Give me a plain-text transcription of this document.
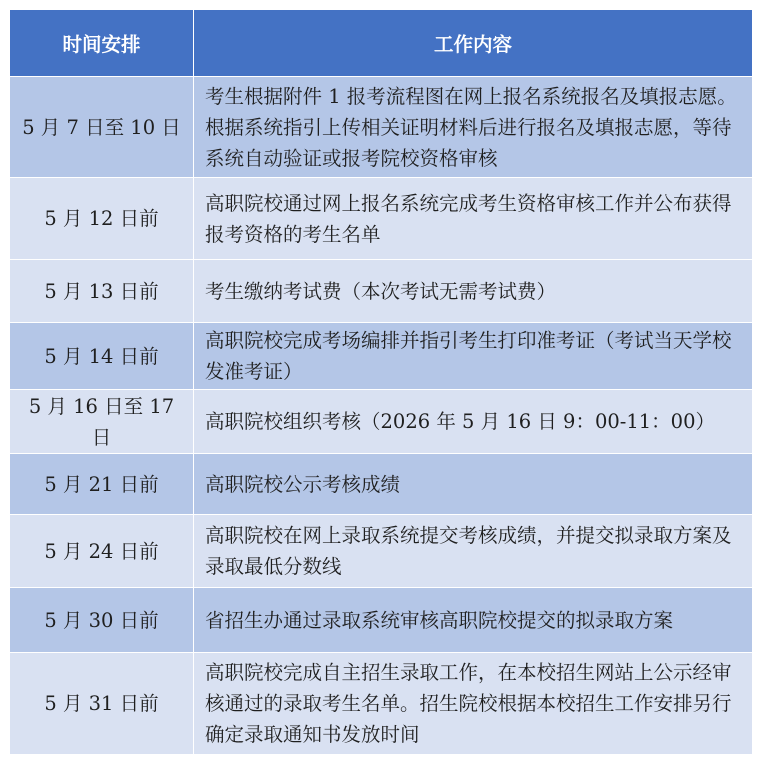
时间安排	工作内容
5 月 7 日至 10 日	考生根据附件 1 报考流程图在网上报名系统报名及填报志愿。根据系统指引上传相关证明材料后进行报名及填报志愿，等待系统自动验证或报考院校资格审核
5 月 12 日前	高职院校通过网上报名系统完成考生资格审核工作并公布获得报考资格的考生名单
5 月 13 日前	考生缴纳考试费（本次考试无需考试费）
5 月 14 日前	高职院校完成考场编排并指引考生打印准考证（考试当天学校发准考证）
5 月 16 日至 17 日	高职院校组织考核（2026 年 5 月 16 日 9：00-11：00）
5 月 21 日前	高职院校公示考核成绩
5 月 24 日前	高职院校在网上录取系统提交考核成绩，并提交拟录取方案及录取最低分数线
5 月 30 日前	省招生办通过录取系统审核高职院校提交的拟录取方案
5 月 31 日前	高职院校完成自主招生录取工作，在本校招生网站上公示经审核通过的录取考生名单。招生院校根据本校招生工作安排另行确定录取通知书发放时间
